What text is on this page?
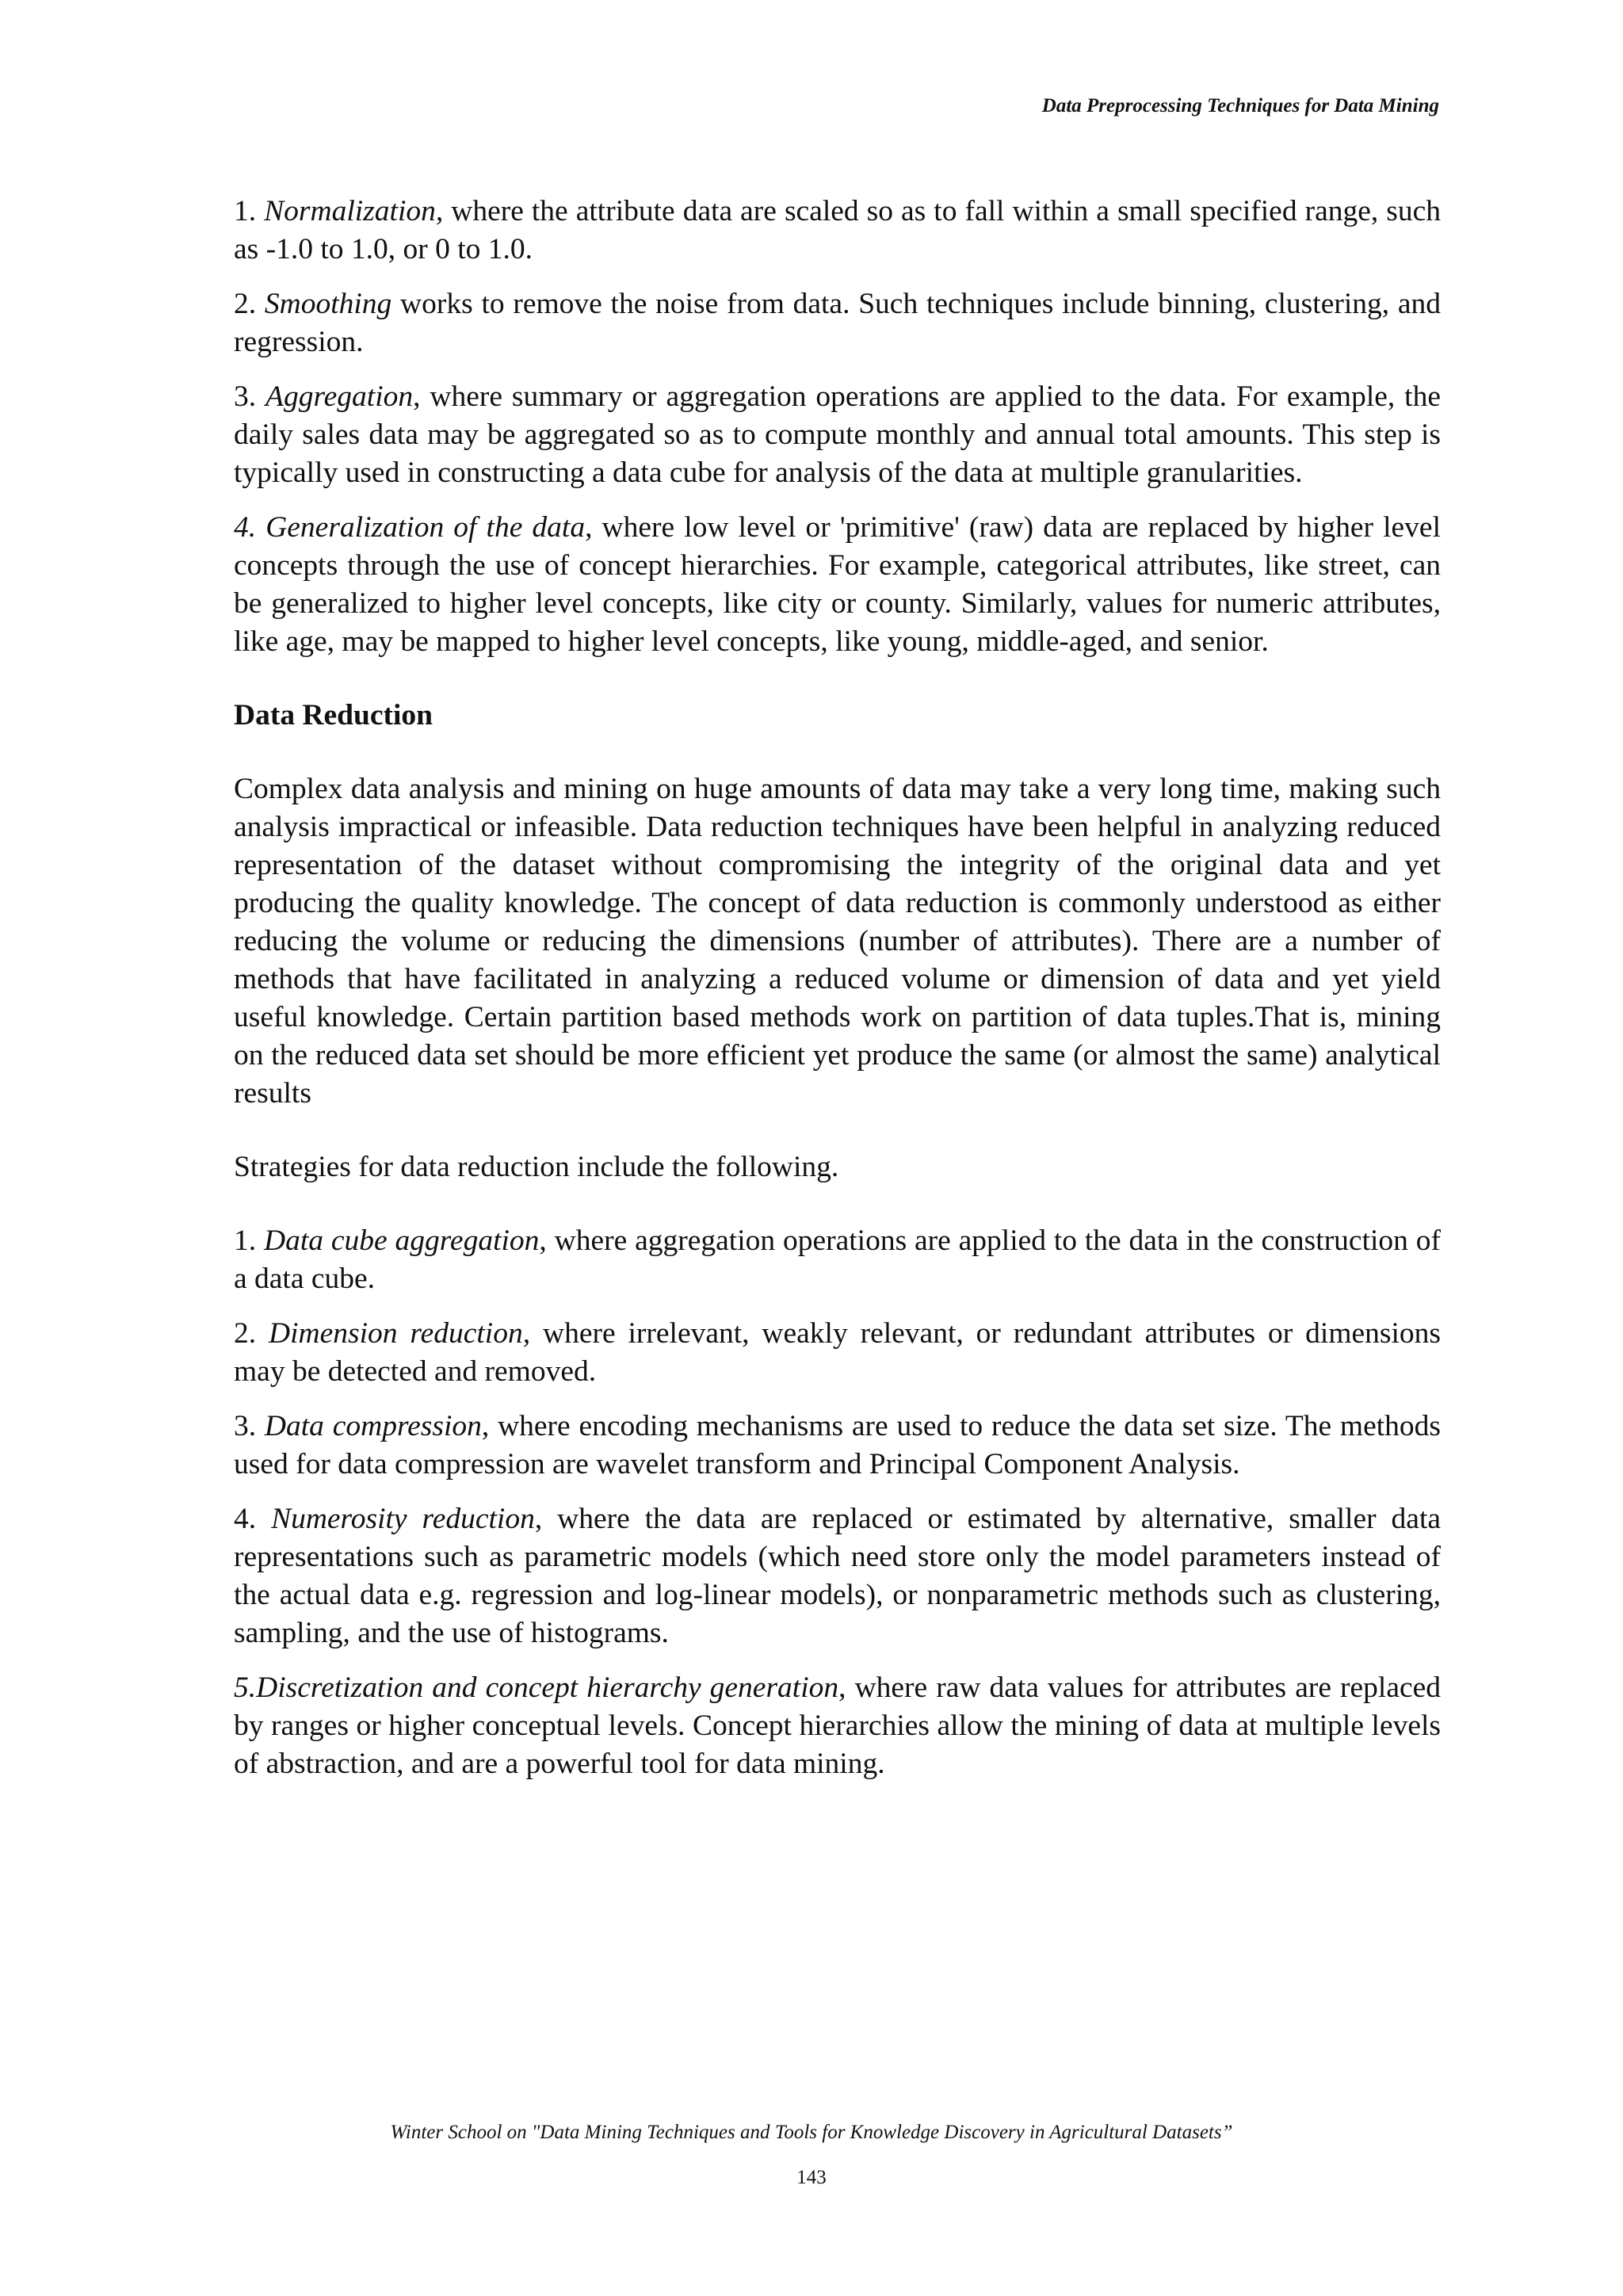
Data Preprocessing Techniques for Data Mining

1. Normalization, where the attribute data are scaled so as to fall within a small specified range, such as -1.0 to 1.0, or 0 to 1.0.

2. Smoothing works to remove the noise from data. Such techniques include binning, clustering, and regression.

3. Aggregation, where summary or aggregation operations are applied to the data. For example, the daily sales data may be aggregated so as to compute monthly and annual total amounts. This step is typically used in constructing a data cube for analysis of the data at multiple granularities.

4. Generalization of the data, where low level or 'primitive' (raw) data are replaced by higher level concepts through the use of concept hierarchies. For example, categorical attributes, like street, can be generalized to higher level concepts, like city or county. Similarly, values for numeric attributes, like age, may be mapped to higher level concepts, like young, middle-aged, and senior.

Data Reduction

Complex data analysis and mining on huge amounts of data may take a very long time, making such analysis impractical or infeasible. Data reduction techniques have been helpful in analyzing reduced representation of the dataset without compromising the integrity of the original data and yet producing the quality knowledge. The concept of data reduction is commonly understood as either reducing the volume or reducing the dimensions (number of attributes). There are a number of methods that have facilitated in analyzing a reduced volume or dimension of data and yet yield useful knowledge. Certain partition based methods work on partition of data tuples.That is, mining on the reduced data set should be more efficient yet produce the same (or almost the same) analytical results

Strategies for data reduction include the following.

1. Data cube aggregation, where aggregation operations are applied to the data in the construction of a data cube.

2. Dimension reduction, where irrelevant, weakly relevant, or redundant attributes or dimensions may be detected and removed.

3. Data compression, where encoding mechanisms are used to reduce the data set size. The methods used for data compression are wavelet transform and Principal Component Analysis.

4. Numerosity reduction, where the data are replaced or estimated by alternative, smaller data representations such as parametric models (which need store only the model parameters instead of the actual data e.g. regression and log-linear models), or nonparametric methods such as clustering, sampling, and the use of histograms.

5.Discretization and concept hierarchy generation, where raw data values for attributes are replaced by ranges or higher conceptual levels. Concept hierarchies allow the mining of data at multiple levels of abstraction, and are a powerful tool for data mining.

Winter School on "Data Mining Techniques and Tools for Knowledge Discovery in Agricultural Datasets”
143
